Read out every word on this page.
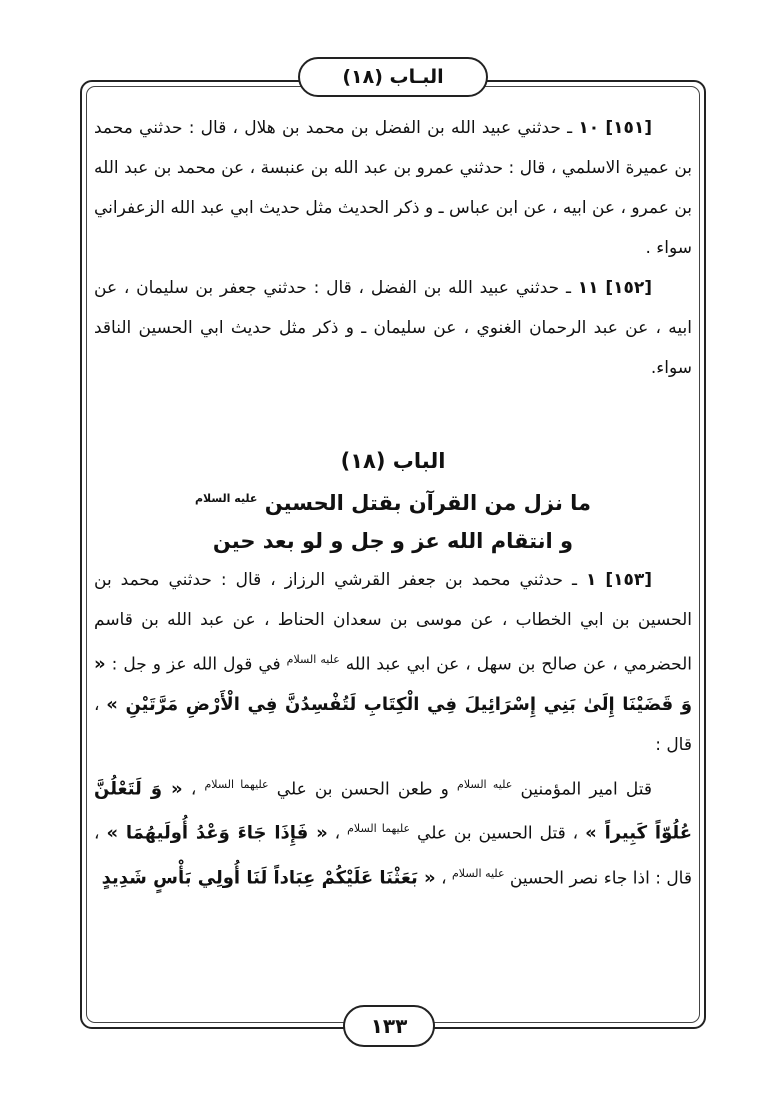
البـاب (١٨)

[١٥١] ١٠ ـ حدثني عبيد الله بن الفضل بن محمد بن هلال ، قال : حدثني محمد بن عميرة الاسلمي ، قال : حدثني عمرو بن عبد الله بن عنبسة ، عن محمد بن عبد الله بن عمرو ، عن ابيه ، عن ابن عباس ـ و ذكر الحديث مثل حديث ابي عبد الله الزعفراني سواء .

[١٥٢] ١١ ـ حدثني عبيد الله بن الفضل ، قال : حدثني جعفر بن سليمان ، عن ابيه ، عن عبد الرحمان الغنوي ، عن سليمان ـ و ذكر مثل حديث ابي الحسين الناقد سواء.

الباب (١٨)

ما نزل من القرآن بقتل الحسين $^{عليه السلام}$

و انتقام الله عز و جل و لو بعد حين

[١٥٣] ١ ـ حدثني محمد بن جعفر القرشي الرزاز ، قال : حدثني محمد بن الحسين بن ابي الخطاب ، عن موسى بن سعدان الحناط ، عن عبد الله بن قاسم الحضرمي ، عن صالح بن سهل ، عن ابي عبد الله $^{عليه السلام}$ في قول الله عز و جل : « وَ قَضَيْنَا إِلَىٰ بَنِي إِسْرَائِيلَ فِي الْكِتَابِ لَتُفْسِدُنَّ فِي الْأَرْضِ مَرَّتَيْنِ » ، قال :

قتل امير المؤمنين $^{عليه السلام}$ و طعن الحسن بن علي $^{عليهما السلام}$ ، « وَ لَتَعْلُنَّ عُلُوّاً كَبِيراً » ، قتل الحسين بن علي $^{عليهما السلام}$ ، « فَإِذَا جَاءَ وَعْدُ أُولَيهُمَا » ، قال : اذا جاء نصر الحسين $^{عليه السلام}$ ، « بَعَثْنَا عَلَيْكُمْ عِبَاداً لَنَا أُولِي بَأْسٍ شَدِيدٍ

١٣٣
